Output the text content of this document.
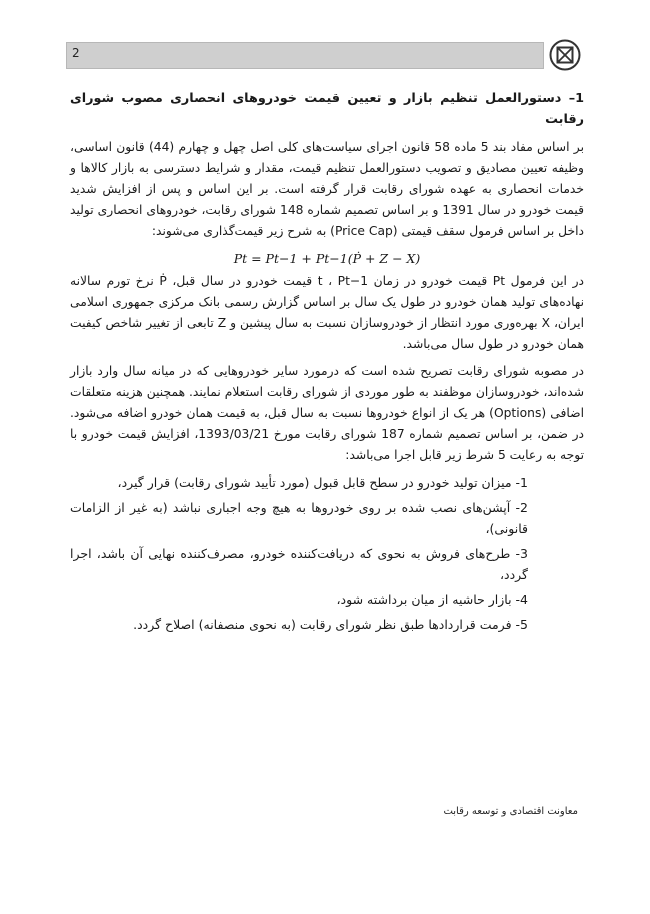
2
1– دستورالعمل تنظیم بازار و تعیین قیمت خودروهای انحصاری مصوب شورای رقابت

بر اساس مفاد بند 5 ماده 58 قانون اجرای سیاست‌های کلی اصل چهل و چهارم (44) قانون اساسی، وظیفه تعیین مصادیق و تصویب دستورالعمل تنظیم قیمت، مقدار و شرایط دسترسی به بازار کالاها و خدمات انحصاری به عهده شورای رقابت قرار گرفته است. بر این اساس و پس از افزایش شدید قیمت خودرو در سال 1391 و بر اساس تصمیم شماره 148 شورای رقابت، خودروهای انحصاری تولید داخل بر اساس فرمول سقف قیمتی (Price Cap) به شرح زیر قیمت‌گذاری می‌شوند:

Pt = Pt−1 + Pt−1(Ṗ + Z − X)

در این فرمول Pt قیمت خودرو در زمان t ، Pt−1 قیمت خودرو در سال قبل، Ṗ نرخ تورم سالانه نهاده‌های تولید همان خودرو در طول یک سال بر اساس گزارش رسمی بانک مرکزی جمهوری اسلامی ایران، X بهره‌وری مورد انتظار از خودروسازان نسبت به سال پیشین و Z تابعی از تغییر شاخص کیفیت همان خودرو در طول سال می‌باشد.

در مصوبه شورای رقابت تصریح شده است که درمورد سایر خودروهایی که در میانه سال وارد بازار شده‌اند، خودروسازان موظفند به طور موردی از شورای رقابت استعلام نمایند. همچنین هزینه متعلقات اضافی (Options) هر یک از انواع خودروها نسبت به سال قبل، به قیمت همان خودرو اضافه می‌شود. در ضمن، بر اساس تصمیم شماره 187 شورای رقابت مورخ 1393/03/21، افزایش قیمت خودرو با توجه به رعایت 5 شرط زیر قابل اجرا می‌باشد:

1- میزان تولید خودرو در سطح قابل قبول (مورد تأیید شورای رقابت) قرار گیرد،
2- آپشن‌های نصب شده بر روی خودروها به هیچ وجه اجباری نباشد (به غیر از الزامات قانونی)،
3- طرح‌های فروش به نحوی که دریافت‌کننده خودرو، مصرف‌کننده نهایی آن باشد، اجرا گردد،
4- بازار حاشیه از میان برداشته شود،
5- فرمت قراردادها طبق نظر شورای رقابت (به نحوی منصفانه) اصلاح گردد.
معاونت اقتصادی و توسعه رقابت
